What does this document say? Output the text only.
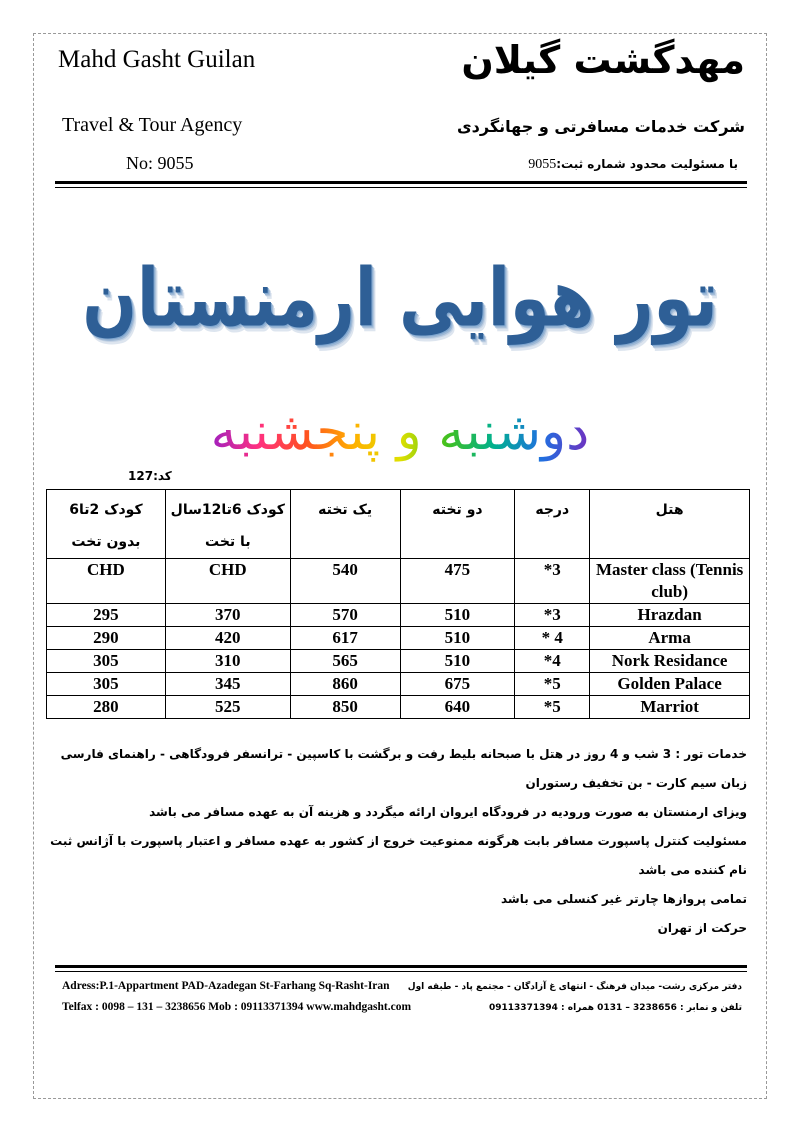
Mahd Gasht Guilan	مهدگشت گیلان
Travel & Tour Agency	شرکت خدمات مسافرتی و جهانگردی
No: 9055	با مسئولیت محدود شماره ثبت:9055
تور هوایی ارمنستان
دوشنبه و پنجشنبه
کد:127
هتل	درجه	دو تخته	یک تخته	کودک 6تا12سال با تخت	کودک 2تا6 بدون تخت
Master class (Tennis club)	3*	475	540	CHD	CHD
Hrazdan	3*	510	570	370	295
Arma	4 *	510	617	420	290
Nork Residance	4*	510	565	310	305
Golden Palace	5*	675	860	345	305
Marriot	5*	640	850	525	280

خدمات تور : 3 شب و 4 روز در هتل با صبحانه بلیط رفت و برگشت با کاسپین - ترانسفر فرودگاهی - راهنمای فارسی زبان سیم کارت - بن تخفیف رستوران

ویزای ارمنستان به صورت ورودیه در فرودگاه ایروان ارائه میگردد و هزینه آن به عهده مسافر می باشد

مسئولیت کنترل پاسپورت مسافر بابت هرگونه ممنوعیت خروج از کشور به عهده مسافر و اعتبار پاسپورت با آژانس ثبت نام کننده می باشد

تمامی پروازها چارتر غیر کنسلی می باشد

حرکت از تهران

Adress:P.1-Appartment PAD-Azadegan St-Farhang Sq-Rasht-Iran
Telfax : 0098 – 131 – 3238656 Mob : 09113371394 www.mahdgasht.com
دفتر مرکزی رشت- میدان فرهنگ - انتهای غ آزادگان - مجتمع پاد - طبقه اول
تلفن و نمابر : 3238656 – 0131 همراه : 09113371394
